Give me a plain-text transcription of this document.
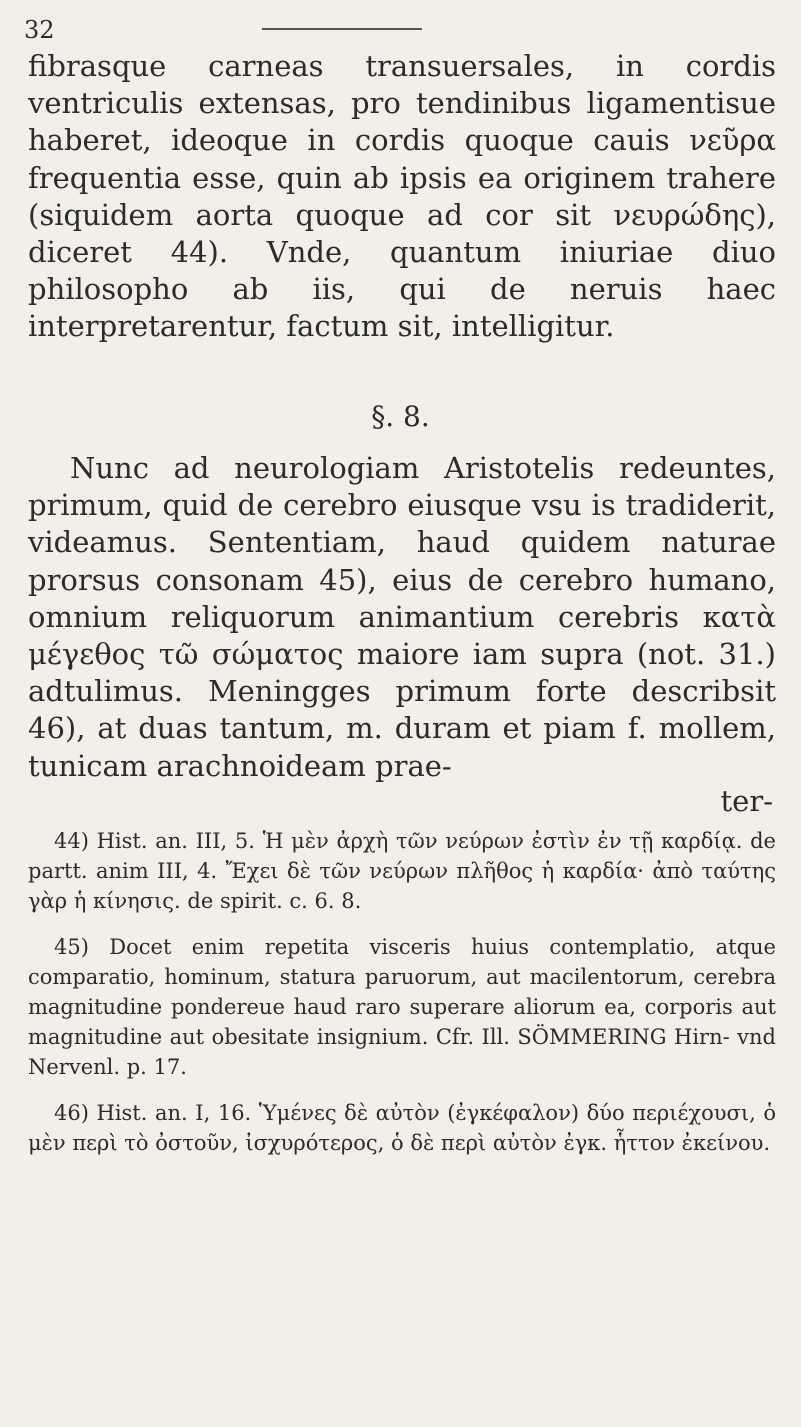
32

fibrasque carneas transuersales, in cordis ventriculis extensas, pro tendinibus ligamentisue haberet, ideoque in cordis quoque cauis νεῦρα frequentia esse, quin ab ipsis ea originem trahere (siquidem aorta quoque ad cor sit νευρώδης), diceret 44). Vnde, quantum iniuriae diuo philosopho ab iis, qui de neruis haec interpretarentur, factum sit, intelligitur.

§. 8.

Nunc ad neurologiam Aristotelis redeuntes, primum, quid de cerebro eiusque vsu is tradiderit, videamus. Sententiam, haud quidem naturae prorsus consonam 45), eius de cerebro humano, omnium reliquorum animantium cerebris κατὰ μέγεθος τῶ σώματος maiore iam supra (not. 31.) adtulimus. Meningges primum forte describsit 46), at duas tantum, m. duram et piam f. mollem, tunicam arachnoideam prae-

ter-

44) Hist. an. III, 5. Ἡ μὲν ἀρχὴ τῶν νεύρων ἐστὶν ἐν τῇ καρδίᾳ. de partt. anim III, 4. Ἔχει δὲ τῶν νεύρων πλῆθος ἡ καρδία· ἀπὸ ταύτης γὰρ ἡ κίνησις. de spirit. c. 6. 8.

45) Docet enim repetita visceris huius contemplatio, atque comparatio, hominum, statura paruorum, aut macilentorum, cerebra magnitudine pondereue haud raro superare aliorum ea, corporis aut magnitudine aut obesitate insignium. Cfr. Ill. SÖMMERING Hirn- vnd Nervenl. p. 17.

46) Hist. an. I, 16. Ὑμένες δὲ αὐτὸν (ἐγκέφαλον) δύο περιέχουσι, ὁ μὲν περὶ τὸ ὀστοῦν, ἰσχυρότερος, ὁ δὲ περὶ αὐτὸν ἐγκ. ἧττον ἐκείνου.
